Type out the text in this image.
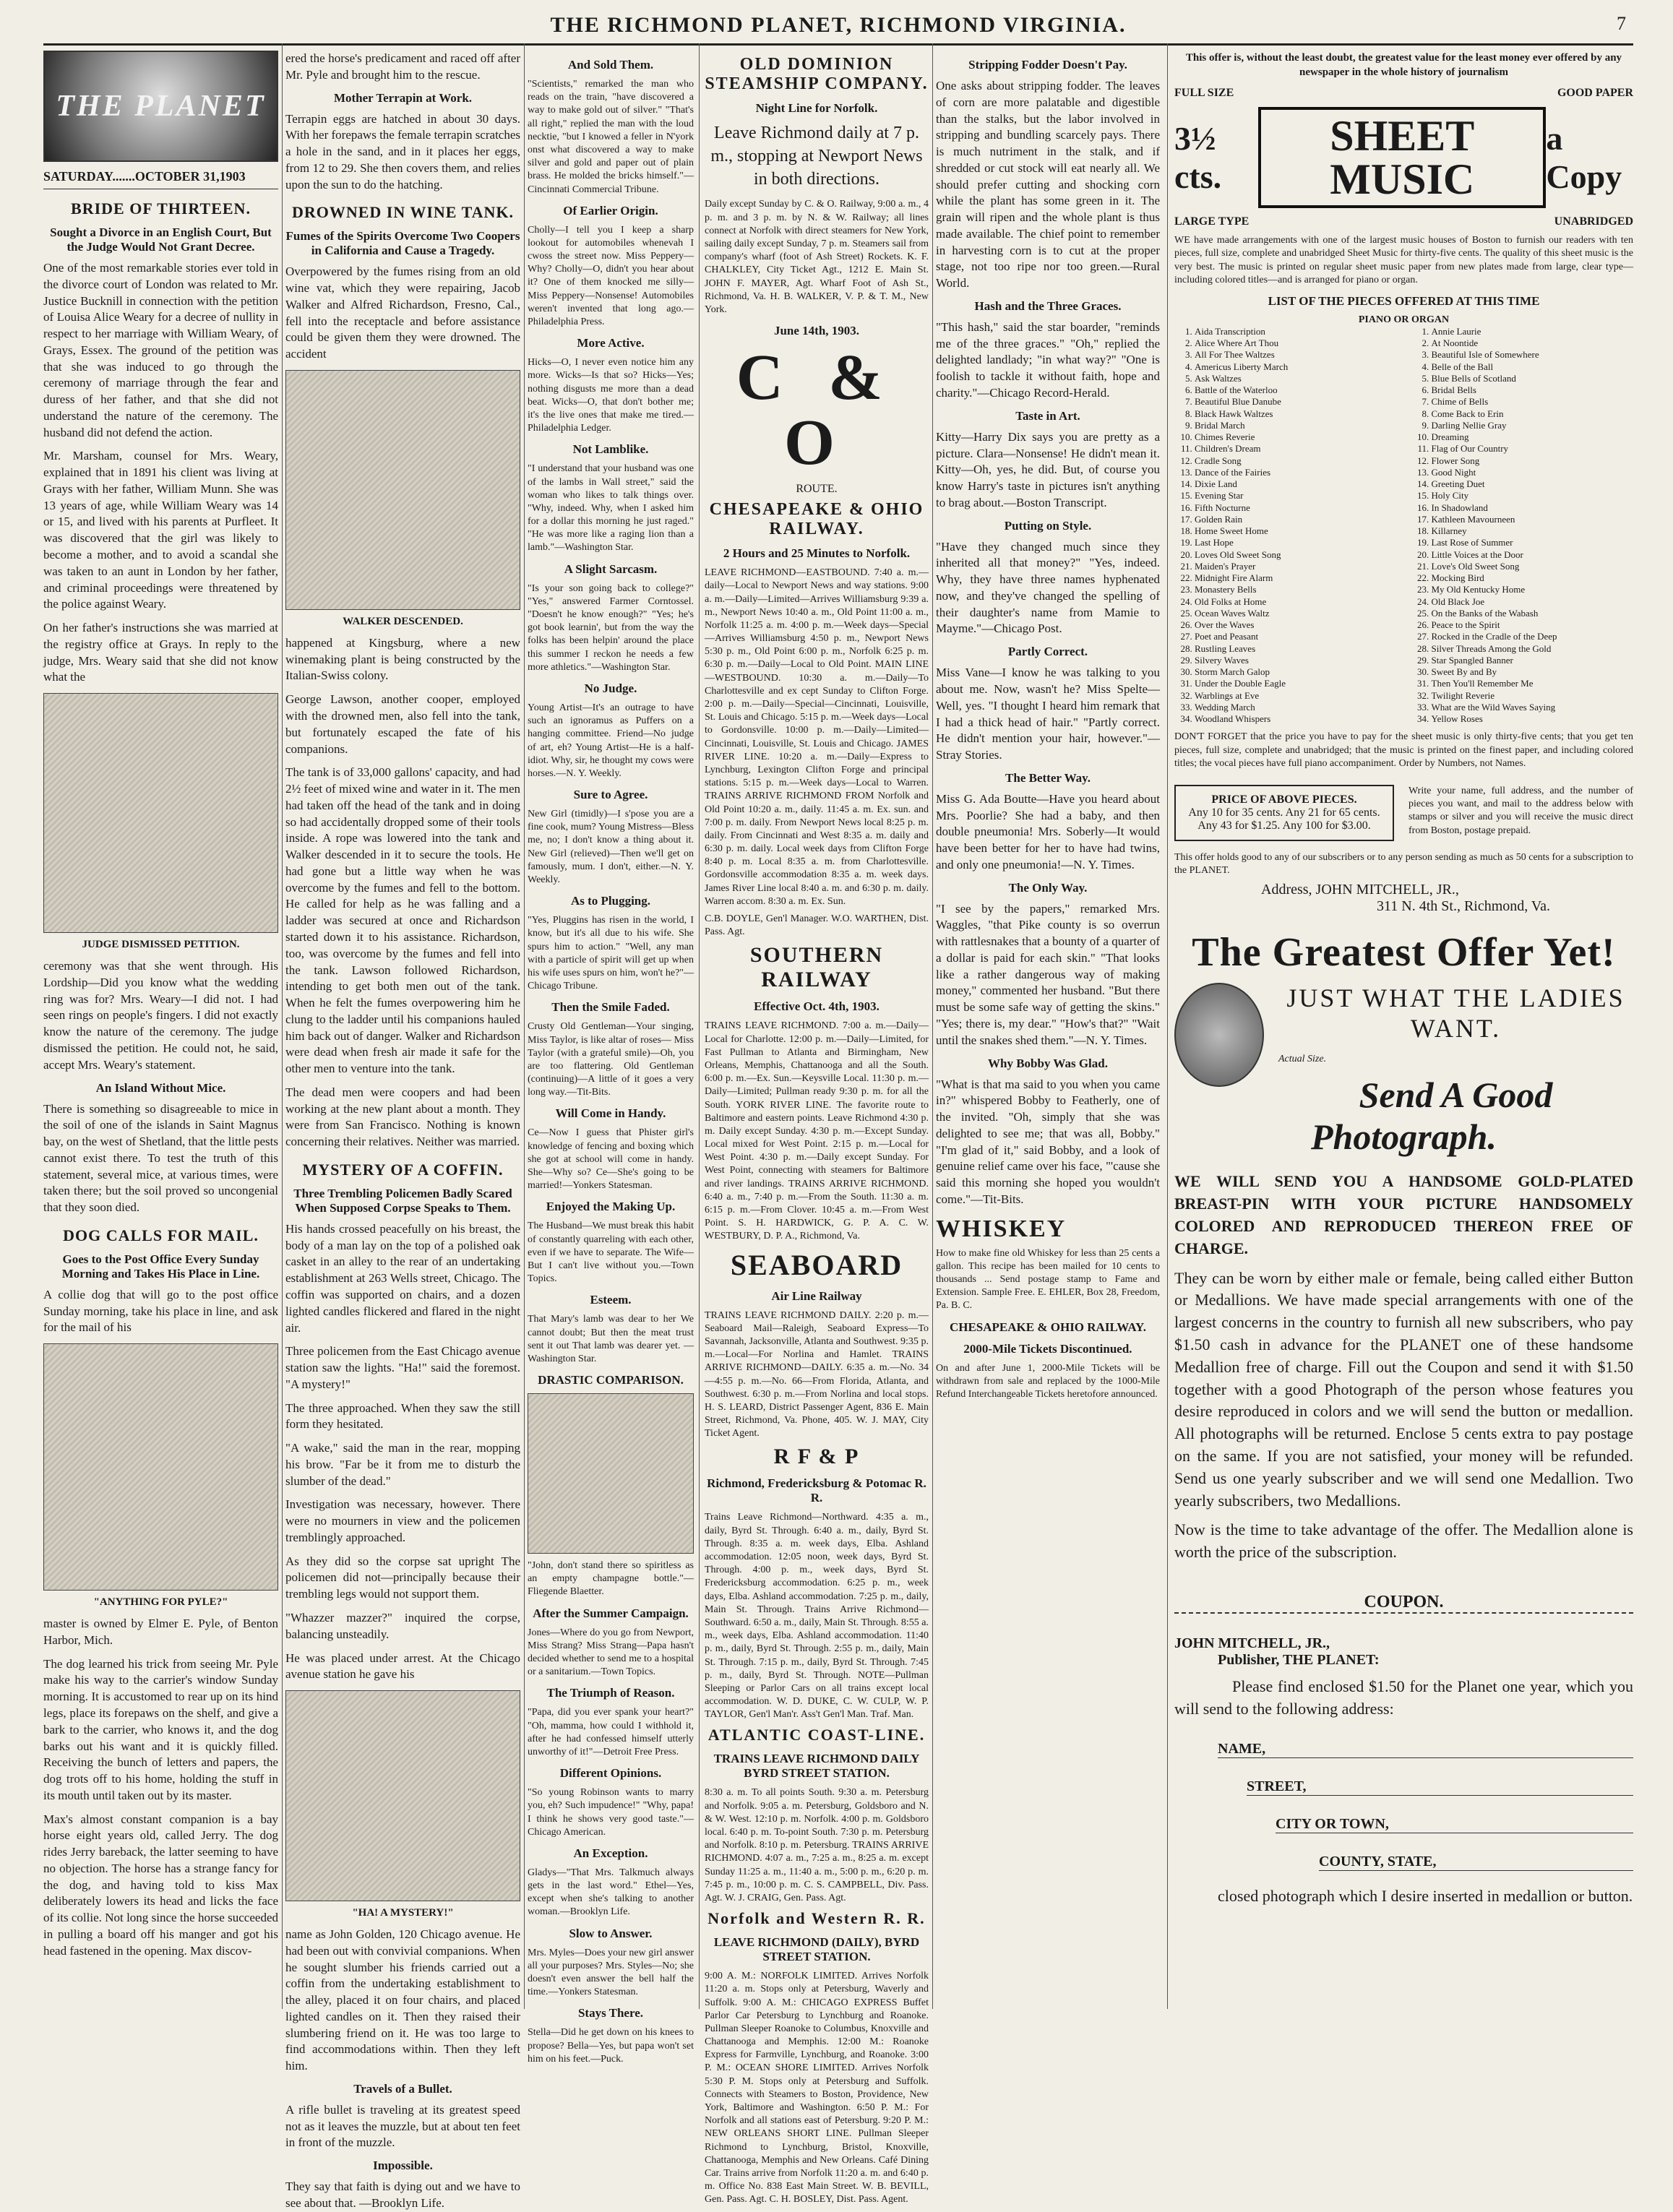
THE RICHMOND PLANET, RICHMOND VIRGINIA.	7
THE PLANET
SATURDAY.......OCTOBER 31,1903
BRIDE OF THIRTEEN.
Sought a Divorce in an English Court, But the Judge Would Not Grant Decree.

One of the most remarkable stories ever told in the divorce court of London was related to Mr. Justice Bucknill in connection with the petition of Louisa Alice Weary for a decree of nullity in respect to her marriage with William Weary, of Grays, Essex. The ground of the petition was that she was induced to go through the ceremony of marriage through the fear and duress of her father, and that she did not understand the nature of the ceremony. The husband did not defend the action.

Mr. Marsham, counsel for Mrs. Weary, explained that in 1891 his client was living at Grays with her father, William Munn. She was 13 years of age, while William Weary was 14 or 15, and lived with his parents at Purfleet. It was discovered that the girl was likely to become a mother, and to avoid a scandal she was taken to an aunt in London by her father, and criminal proceedings were threatened by the police against Weary.

On her father's instructions she was married at the registry office at Grays. In reply to the judge, Mrs. Weary said that she did not know what the

JUDGE DISMISSED PETITION.

ceremony was that she went through. His Lordship—Did you know what the wedding ring was for? Mrs. Weary—I did not. I had seen rings on people's fingers. I did not exactly know the nature of the ceremony. The judge dismissed the petition. He could not, he said, accept Mrs. Weary's statement.

An Island Without Mice.

There is something so disagreeable to mice in the soil of one of the islands in Saint Magnus bay, on the west of Shetland, that the little pests cannot exist there. To test the truth of this statement, several mice, at various times, were taken there; but the soil proved so uncongenial that they soon died.

DOG CALLS FOR MAIL.
Goes to the Post Office Every Sunday Morning and Takes His Place in Line.

A collie dog that will go to the post office Sunday morning, take his place in line, and ask for the mail of his

"ANYTHING FOR PYLE?"

master is owned by Elmer E. Pyle, of Benton Harbor, Mich.

The dog learned his trick from seeing Mr. Pyle make his way to the carrier's window Sunday morning. It is accustomed to rear up on its hind legs, place its forepaws on the shelf, and give a bark to the carrier, who knows it, and the dog barks out his want and it is quickly filled. Receiving the bunch of letters and papers, the dog trots off to his home, holding the stuff in its mouth until taken out by its master.

Max's almost constant companion is a bay horse eight years old, called Jerry. The dog rides Jerry bareback, the latter seeming to have no objection. The horse has a strange fancy for the dog, and having told to kiss Max deliberately lowers its head and licks the face of its collie. Not long since the horse succeeded in pulling a board off his manger and got his head fastened in the opening. Max discov-

ered the horse's predicament and raced off after Mr. Pyle and brought him to the rescue.

Mother Terrapin at Work.

Terrapin eggs are hatched in about 30 days. With her forepaws the female terrapin scratches a hole in the sand, and in it places her eggs, from 12 to 29. She then covers them, and relies upon the sun to do the hatching.

DROWNED IN WINE TANK.
Fumes of the Spirits Overcome Two Coopers in California and Cause a Tragedy.

Overpowered by the fumes rising from an old wine vat, which they were repairing, Jacob Walker and Alfred Richardson, Fresno, Cal., fell into the receptacle and before assistance could be given them they were drowned. The accident

WALKER DESCENDED.

happened at Kingsburg, where a new winemaking plant is being constructed by the Italian-Swiss colony.

George Lawson, another cooper, employed with the drowned men, also fell into the tank, but fortunately escaped the fate of his companions.

The tank is of 33,000 gallons' capacity, and had 2½ feet of mixed wine and water in it. The men had taken off the head of the tank and in doing so had accidentally dropped some of their tools inside. A rope was lowered into the tank and Walker descended in it to secure the tools. He had gone but a little way when he was overcome by the fumes and fell to the bottom. He called for help as he was falling and a ladder was secured at once and Richardson started down it to his assistance. Richardson, too, was overcome by the fumes and fell into the tank. Lawson followed Richardson, intending to get both men out of the tank. When he felt the fumes overpowering him he clung to the ladder until his companions hauled him back out of danger. Walker and Richardson were dead when fresh air made it safe for the other men to venture into the tank.

The dead men were coopers and had been working at the new plant about a month. They were from San Francisco. Nothing is known concerning their relatives. Neither was married.

MYSTERY OF A COFFIN.
Three Trembling Policemen Badly Scared When Supposed Corpse Speaks to Them.

His hands crossed peacefully on his breast, the body of a man lay on the top of a polished oak casket in an alley to the rear of an undertaking establishment at 263 Wells street, Chicago. The coffin was supported on chairs, and a dozen lighted candles flickered and flared in the night air.

Three policemen from the East Chicago avenue station saw the lights. "Ha!" said the foremost. "A mystery!"

The three approached. When they saw the still form they hesitated.

"A wake," said the man in the rear, mopping his brow. "Far be it from me to disturb the slumber of the dead."

Investigation was necessary, however. There were no mourners in view and the policemen tremblingly approached.

As they did so the corpse sat upright The policemen did not—principally because their trembling legs would not support them.

"Whazzer mazzer?" inquired the corpse, balancing unsteadily.

He was placed under arrest. At the Chicago avenue station he gave his

"HA! A MYSTERY!"

name as John Golden, 120 Chicago avenue. He had been out with convivial companions. When he sought slumber his friends carried out a coffin from the undertaking establishment to the alley, placed it on four chairs, and placed lighted candles on it. Then they raised their slumbering friend on it. He was too large to find accommodations within. Then they left him.

Travels of a Bullet.

A rifle bullet is traveling at its greatest speed not as it leaves the muzzle, but at about ten feet in front of the muzzle.

Impossible.

They say that faith is dying out and we have to see about that. —Brooklyn Life.

And Sold Them.

"Scientists," remarked the man who reads on the train, "have discovered a way to make gold out of silver." "That's all right," replied the man with the loud necktie, "but I knowed a feller in N'york onst what discovered a way to make silver and gold and paper out of plain brass. He molded the bricks himself."—Cincinnati Commercial Tribune.

Of Earlier Origin.

Cholly—I tell you I keep a sharp lookout for automobiles whenevah I cwoss the street now. Miss Peppery—Why? Cholly—O, didn't you hear about it? One of them knocked me silly— Miss Peppery—Nonsense! Automobiles weren't invented that long ago.—Philadelphia Press.

More Active.

Hicks—O, I never even notice him any more. Wicks—Is that so? Hicks—Yes; nothing disgusts me more than a dead beat. Wicks—O, that don't bother me; it's the live ones that make me tired.—Philadelphia Ledger.

Not Lamblike.

"I understand that your husband was one of the lambs in Wall street," said the woman who likes to talk things over. "Why, indeed. Why, when I asked him for a dollar this morning he just raged." "He was more like a raging lion than a lamb."—Washington Star.

A Slight Sarcasm.

"Is your son going back to college?" "Yes," answered Farmer Corntossel. "Doesn't he know enough?" "Yes; he's got book learnin', but from the way the folks has been helpin' around the place this summer I reckon he needs a few more athletics."—Washington Star.

No Judge.

Young Artist—It's an outrage to have such an ignoramus as Puffers on a hanging committee. Friend—No judge of art, eh? Young Artist—He is a half-idiot. Why, sir, he thought my cows were horses.—N. Y. Weekly.

Sure to Agree.

New Girl (timidly)—I s'pose you are a fine cook, mum? Young Mistress—Bless me, no; I don't know a thing about it. New Girl (relieved)—Then we'll get on famously, mum. I don't, either.—N. Y. Weekly.

As to Plugging.

"Yes, Pluggins has risen in the world, I know, but it's all due to his wife. She spurs him to action." "Well, any man with a particle of spirit will get up when his wife uses spurs on him, won't he?"—Chicago Tribune.

Then the Smile Faded.

Crusty Old Gentleman—Your singing, Miss Taylor, is like altar of roses— Miss Taylor (with a grateful smile)—Oh, you are too flattering. Old Gentleman (continuing)—A little of it goes a very long way.—Tit-Bits.

Will Come in Handy.

Ce—Now I guess that Phister girl's knowledge of fencing and boxing which she got at school will come in handy. She—Why so? Ce—She's going to be married!—Yonkers Statesman.

Enjoyed the Making Up.

The Husband—We must break this habit of constantly quarreling with each other, even if we have to separate. The Wife—But I can't live without you.—Town Topics.

Esteem.

That Mary's lamb was dear to her We cannot doubt; But then the meat trust sent it out That lamb was dearer yet. —Washington Star.

DRASTIC COMPARISON.

"John, don't stand there so spiritless as an empty champagne bottle."—Fliegende Blaetter.

After the Summer Campaign.

Jones—Where do you go from Newport, Miss Strang? Miss Strang—Papa hasn't decided whether to send me to a hospital or a sanitarium.—Town Topics.

The Triumph of Reason.

"Papa, did you ever spank your heart?" "Oh, mamma, how could I withhold it, after he had confessed himself utterly unworthy of it!"—Detroit Free Press.

Different Opinions.

"So young Robinson wants to marry you, eh? Such impudence!" "Why, papa! I think he shows very good taste."—Chicago American.

An Exception.

Gladys—"That Mrs. Talkmuch always gets in the last word." Ethel—Yes, except when she's talking to another woman.—Brooklyn Life.

Slow to Answer.

Mrs. Myles—Does your new girl answer all your purposes? Mrs. Styles—No; she doesn't even answer the bell half the time.—Yonkers Statesman.

Stays There.

Stella—Did he get down on his knees to propose? Bella—Yes, but papa won't set him on his feet.—Puck.

OLD DOMINION STEAMSHIP COMPANY.
Night Line for Norfolk.

Leave Richmond daily at 7 p. m., stopping at Newport News in both directions.

Daily except Sunday by C. & O. Railway, 9:00 a. m., 4 p. m. and 3 p. m. by N. & W. Railway; all lines connect at Norfolk with direct steamers for New York, sailing daily except Sunday, 7 p. m. Steamers sail from company's wharf (foot of Ash Street) Rockets. K. F. CHALKLEY, City Ticket Agt., 1212 E. Main St. JOHN F. MAYER, Agt. Wharf Foot of Ash St., Richmond, Va. H. B. WALKER, V. P. & T. M., New York.

June 14th, 1903.
C & O
ROUTE.
CHESAPEAKE & OHIO RAILWAY.
2 Hours and 25 Minutes to Norfolk.

LEAVE RICHMOND—EASTBOUND. 7:40 a. m.—daily—Local to Newport News and way stations. 9:00 a. m.—Daily—Limited—Arrives Williamsburg 9:39 a. m., Newport News 10:40 a. m., Old Point 11:00 a. m., Norfolk 11:25 a. m. 4:00 p. m.—Week days—Special—Arrives Williamsburg 4:50 p. m., Newport News 5:30 p. m., Old Point 6:00 p. m., Norfolk 6:25 p. m. 6:30 p. m.—Daily—Local to Old Point. MAIN LINE—WESTBOUND. 10:30 a. m.—Daily—To Charlottesville and ex cept Sunday to Clifton Forge. 2:00 p. m.—Daily—Special—Cincinnati, Louisville, St. Louis and Chicago. 5:15 p. m.—Week days—Local to Gordonsville. 10:00 p. m.—Daily—Limited—Cincinnati, Louisville, St. Louis and Chicago. JAMES RIVER LINE. 10:20 a. m.—Daily—Express to Lynchburg, Lexington Clifton Forge and principal stations. 5:15 p. m.—Week days—Local to Warren. TRAINS ARRIVE RICHMOND FROM Norfolk and Old Point 10:20 a. m., daily. 11:45 a. m. Ex. sun. and 7:00 p. m. daily. From Newport News local 8:25 p. m. daily. From Cincinnati and West 8:35 a. m. daily and 6:30 p. m. daily. Local week days from Clifton Forge 8:40 p. m. Local 8:35 a. m. from Charlottesville. Gordonsville accommodation 8:35 a. m. week days. James River Line local 8:40 a. m. and 6:30 p. m. daily. Warren accom. 8:30 a. m. Ex. Sun.

C.B. DOYLE, Gen'l Manager. W.O. WARTHEN, Dist. Pass. Agt.

SOUTHERN RAILWAY
Effective Oct. 4th, 1903.

TRAINS LEAVE RICHMOND. 7:00 a. m.—Daily—Local for Charlotte. 12:00 p. m.—Daily—Limited, for Fast Pullman to Atlanta and Birmingham, New Orleans, Memphis, Chattanooga and all the South. 6:00 p. m.—Ex. Sun.—Keysville Local. 11:30 p. m.—Daily—Limited; Pullman ready 9:30 p. m. for all the South. YORK RIVER LINE. The favorite route to Baltimore and eastern points. Leave Richmond 4:30 p. m. Daily except Sunday. 4:30 p. m.—Except Sunday. Local mixed for West Point. 2:15 p. m.—Local for West Point. 4:30 p. m.—Daily except Sunday. For West Point, connecting with steamers for Baltimore and river landings. TRAINS ARRIVE RICHMOND. 6:40 a. m., 7:40 p. m.—From the South. 11:30 a. m. 6:15 p. m.—From Clover. 10:45 a. m.—From West Point. S. H. HARDWICK, G. P. A. C. W. WESTBURY, D. P. A., Richmond, Va.

SEABOARD
Air Line Railway

TRAINS LEAVE RICHMOND DAILY. 2:20 p. m.—Seaboard Mail—Raleigh, Seaboard Express—To Savannah, Jacksonville, Atlanta and Southwest. 9:35 p. m.—Local—For Norlina and Hamlet. TRAINS ARRIVE RICHMOND—DAILY. 6:35 a. m.—No. 34—4:55 p. m.—No. 66—From Florida, Atlanta, and Southwest. 6:30 p. m.—From Norlina and local stops. H. S. LEARD, District Passenger Agent, 836 E. Main Street, Richmond, Va. Phone, 405. W. J. MAY, City Ticket Agent.

R F & P
Richmond, Fredericksburg & Potomac R. R.

Trains Leave Richmond—Northward. 4:35 a. m., daily, Byrd St. Through. 6:40 a. m., daily, Byrd St. Through. 8:35 a. m. week days, Elba. Ashland accommodation. 12:05 noon, week days, Byrd St. Through. 4:00 p. m., week days, Byrd St. Fredericksburg accommodation. 6:25 p. m., week days, Elba. Ashland accommodation. 7:25 p. m., daily, Main St. Through. Trains Arrive Richmond—Southward. 6:50 a. m., daily, Main St. Through. 8:55 a. m., week days, Elba. Ashland accommodation. 11:40 p. m., daily, Byrd St. Through. 2:55 p. m., daily, Main St. Through. 7:15 p. m., daily, Byrd St. Through. 7:45 p. m., daily, Byrd St. Through. NOTE—Pullman Sleeping or Parlor Cars on all trains except local accommodation. W. D. DUKE, C. W. CULP, W. P. TAYLOR, Gen'l Man'r. Ass't Gen'l Man. Traf. Man.

ATLANTIC COAST-LINE.
TRAINS LEAVE RICHMOND DAILY BYRD STREET STATION.

8:30 a. m. To all points South. 9:30 a. m. Petersburg and Norfolk. 9:05 a. m. Petersburg, Goldsboro and N. & W. West. 12:10 p. m. Norfolk. 4:00 p. m. Goldsboro local. 6:40 p. m. To-point South. 7:30 p. m. Petersburg and Norfolk. 8:10 p. m. Petersburg. TRAINS ARRIVE RICHMOND. 4:07 a. m., 7:25 a. m., 8:25 a. m. except Sunday 11:25 a. m., 11:40 a. m., 5:00 p. m., 6:20 p. m. 7:45 p. m., 10:00 p. m. C. S. CAMPBELL, Div. Pass. Agt. W. J. CRAIG, Gen. Pass. Agt.

Norfolk and Western R. R.
LEAVE RICHMOND (DAILY), BYRD STREET STATION.

9:00 A. M.: NORFOLK LIMITED. Arrives Norfolk 11:20 a. m. Stops only at Petersburg, Waverly and Suffolk. 9:00 A. M.: CHICAGO EXPRESS Buffet Parlor Car Petersburg to Lynchburg and Roanoke. Pullman Sleeper Roanoke to Columbus, Knoxville and Chattanooga and Memphis. 12:00 M.: Roanoke Express for Farmville, Lynchburg, and Roanoke. 3:00 P. M.: OCEAN SHORE LIMITED. Arrives Norfolk 5:30 P. M. Stops only at Petersburg and Suffolk. Connects with Steamers to Boston, Providence, New York, Baltimore and Washington. 6:50 P. M.: For Norfolk and all stations east of Petersburg. 9:20 P. M.: NEW ORLEANS SHORT LINE. Pullman Sleeper Richmond to Lynchburg, Bristol, Knoxville, Chattanooga, Memphis and New Orleans. Café Dining Car. Trains arrive from Norfolk 11:20 a. m. and 6:40 p. m. Office No. 838 East Main Street. W. B. BEVILL, Gen. Pass. Agt. C. H. BOSLEY, Dist. Pass. Agent.

Stripping Fodder Doesn't Pay.

One asks about stripping fodder. The leaves of corn are more palatable and digestible than the stalks, but the labor involved in stripping and bundling scarcely pays. There is much nutriment in the stalk, and if shredded or cut stock will eat nearly all. We should prefer cutting and shocking corn while the plant has some green in it. The grain will ripen and the whole plant is thus made available. The chief point to remember in harvesting corn is to cut at the proper stage, not too ripe nor too green.—Rural World.

Hash and the Three Graces.

"This hash," said the star boarder, "reminds me of the three graces." "Oh," replied the delighted landlady; "in what way?" "One is foolish to tackle it without faith, hope and charity."—Chicago Record-Herald.

Taste in Art.

Kitty—Harry Dix says you are pretty as a picture. Clara—Nonsense! He didn't mean it. Kitty—Oh, yes, he did. But, of course you know Harry's taste in pictures isn't anything to brag about.—Boston Transcript.

Putting on Style.

"Have they changed much since they inherited all that money?" "Yes, indeed. Why, they have three names hyphenated now, and they've changed the spelling of their daughter's name from Mamie to Mayme."—Chicago Post.

Partly Correct.

Miss Vane—I know he was talking to you about me. Now, wasn't he? Miss Spelte—Well, yes. "I thought I heard him remark that I had a thick head of hair." "Partly correct. He didn't mention your hair, however."—Stray Stories.

The Better Way.

Miss G. Ada Boutte—Have you heard about Mrs. Poorlie? She had a baby, and then double pneumonia! Mrs. Soberly—It would have been better for her to have had twins, and only one pneumonia!—N. Y. Times.

The Only Way.

"I see by the papers," remarked Mrs. Waggles, "that Pike county is so overrun with rattlesnakes that a bounty of a quarter of a dollar is paid for each skin." "That looks like a rather dangerous way of making money," commented her husband. "But there must be some safe way of getting the skins." "Yes; there is, my dear." "How's that?" "Wait until the snakes shed them."—N. Y. Times.

Why Bobby Was Glad.

"What is that ma said to you when you came in?" whispered Bobby to Featherly, one of the invited. "Oh, simply that she was delighted to see me; that was all, Bobby." "I'm glad of it," said Bobby, and a look of genuine relief came over his face, "'cause she said this morning she hoped you wouldn't come."—Tit-Bits.

WHISKEY

How to make fine old Whiskey for less than 25 cents a gallon. This recipe has been mailed for 10 cents to thousands ... Send postage stamp to Fame and Extension. Sample Free. E. EHLER, Box 28, Freedom, Pa. B. C.

CHESAPEAKE & OHIO RAILWAY.
2000-Mile Tickets Discontinued.

On and after June 1, 2000-Mile Tickets will be withdrawn from sale and replaced by the 1000-Mile Refund Interchangeable Tickets heretofore announced.

This offer is, without the least doubt, the greatest value for the least money ever offered by any newspaper in the whole history of journalism

FULL SIZE	GOOD PAPER
3½ cts.
SHEET MUSIC
a Copy
LARGE TYPE	UNABRIDGED

WE have made arrangements with one of the largest music houses of Boston to furnish our readers with ten pieces, full size, complete and unabridged Sheet Music for thirty-five cents. The quality of this sheet music is the very best. The music is printed on regular sheet music paper from new plates made from large, clear type—including colored titles—and is arranged for piano or organ.

LIST OF THE PIECES OFFERED AT THIS TIME
PIANO OR ORGAN
1. Aida Transcription
2. Alice Where Art Thou
3. All For Thee Waltzes
4. Americus Liberty March
5. Ask Waltzes
6. Battle of the Waterloo
7. Beautiful Blue Danube
8. Black Hawk Waltzes
9. Bridal March
10. Chimes Reverie
11. Children's Dream
12. Cradle Song
13. Dance of the Fairies
14. Dixie Land
15. Evening Star
16. Fifth Nocturne
17. Golden Rain
18. Home Sweet Home
19. Last Hope
20. Loves Old Sweet Song
21. Maiden's Prayer
22. Midnight Fire Alarm
23. Monastery Bells
24. Old Folks at Home
25. Ocean Waves Waltz
26. Over the Waves
27. Poet and Peasant
28. Rustling Leaves
29. Silvery Waves
30. Storm March Galop
31. Under the Double Eagle
32. Warblings at Eve
33. Wedding March
34. Woodland Whispers
1. Annie Laurie
2. At Noontide
3. Beautiful Isle of Somewhere
4. Belle of the Ball
5. Blue Bells of Scotland
6. Bridal Bells
7. Chime of Bells
8. Come Back to Erin
9. Darling Nellie Gray
10. Dreaming
11. Flag of Our Country
12. Flower Song
13. Good Night
14. Greeting Duet
15. Holy City
16. In Shadowland
17. Kathleen Mavourneen
18. Killarney
19. Last Rose of Summer
20. Little Voices at the Door
21. Love's Old Sweet Song
22. Mocking Bird
23. My Old Kentucky Home
24. Old Black Joe
25. On the Banks of the Wabash
26. Peace to the Spirit
27. Rocked in the Cradle of the Deep
28. Silver Threads Among the Gold
29. Star Spangled Banner
30. Sweet By and By
31. Then You'll Remember Me
32. Twilight Reverie
33. What are the Wild Waves Saying
34. Yellow Roses

DON'T FORGET that the price you have to pay for the sheet music is only thirty-five cents; that you get ten pieces, full size, complete and unabridged; that the music is printed on the finest paper, and including colored titles; the vocal pieces have full piano accompaniment. Order by Numbers, not Names.

PRICE OF ABOVE PIECES.
Any 10 for 35 cents. Any 21 for 65 cents. Any 43 for $1.25. Any 100 for $3.00.

Write your name, full address, and the number of pieces you want, and mail to the address below with stamps or silver and you will receive the music direct from Boston, postage prepaid.

This offer holds good to any of our subscribers or to any person sending as much as 50 cents for a subscription to the PLANET.

Address, JOHN MITCHELL, JR.,
311 N. 4th St., Richmond, Va.
The Greatest Offer Yet!
JUST WHAT THE LADIES WANT.
Actual Size.
Send A Good Photograph.

WE WILL SEND YOU A HANDSOME GOLD-PLATED BREAST-PIN WITH YOUR PICTURE HANDSOMELY COLORED AND REPRODUCED THEREON FREE OF CHARGE.

They can be worn by either male or female, being called either Button or Medallions. We have made special arrangements with one of the largest concerns in the country to furnish all new subscribers, who pay $1.50 cash in advance for the PLANET one of these handsome Medallion free of charge. Fill out the Coupon and send it with $1.50 together with a good Photograph of the person whose features you desire reproduced in colors and we will send the button or medallion. All photographs will be returned. Enclose 5 cents extra to pay postage on the same. If you are not satisfied, your money will be refunded. Send us one yearly subscriber and we will send one Medallion. Two yearly subscribers, two Medallions.

Now is the time to take advantage of the offer. The Medallion alone is worth the price of the subscription.

COUPON.
JOHN MITCHELL, JR.,
Publisher, THE PLANET:

Please find enclosed $1.50 for the Planet one year, which you will send to the following address:

NAME,
STREET,
CITY OR TOWN,
COUNTY, STATE,

closed photograph which I desire inserted in medallion or button.
